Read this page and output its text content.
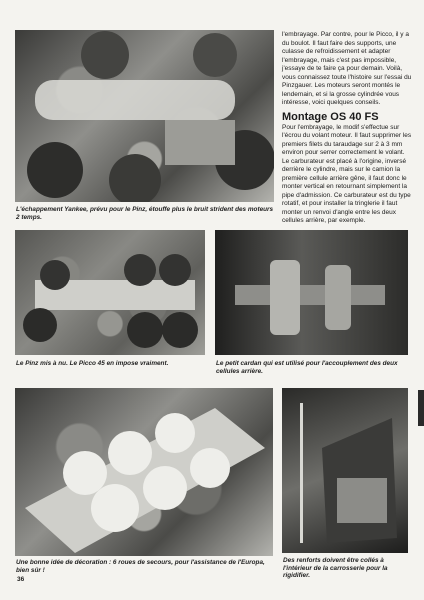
L'échappement Yankee, prévu pour le Pinz, étouffe plus le bruit strident des moteurs 2 temps.

Le Pinz mis à nu. Le Picco 45 en impose vraiment.	Le petit cardan qui est utilisé pour l'accouplement des deux cellules arrière.

Une bonne idée de décoration : 6 roues de secours, pour l'assistance de l'Europa, bien sûr !

Des renforts doivent être collés à l'intérieur de la carrosserie pour la rigidifier.

l'embrayage. Par contre, pour le Picco, il y a du boulot. Il faut faire des supports, une culasse de refroidissement et adapter l'embrayage, mais c'est pas impossible, j'essaye de te faire ça pour demain. Voilà, vous connaissez toute l'histoire sur l'essai du Pinzgauer. Les moteurs seront montés le lendemain, et si la grosse cylindrée vous intéresse, voici quelques conseils.

Montage OS 40 FS

Pour l'embrayage, le modif s'effectue sur l'écrou du volant moteur. Il faut supprimer les premiers filets du taraudage sur 2 à 3 mm environ pour serrer correctement le volant.

Le carburateur est placé à l'origine, inversé derrière le cylindre, mais sur le camion la première cellule arrière gêne, il faut donc le monter vertical en retournant simplement la pipe d'admission. Ce carburateur est du type rotatif, et pour installer la tringlerie il faut monter un renvoi d'angle entre les deux cellules arrière, par exemple.

36
